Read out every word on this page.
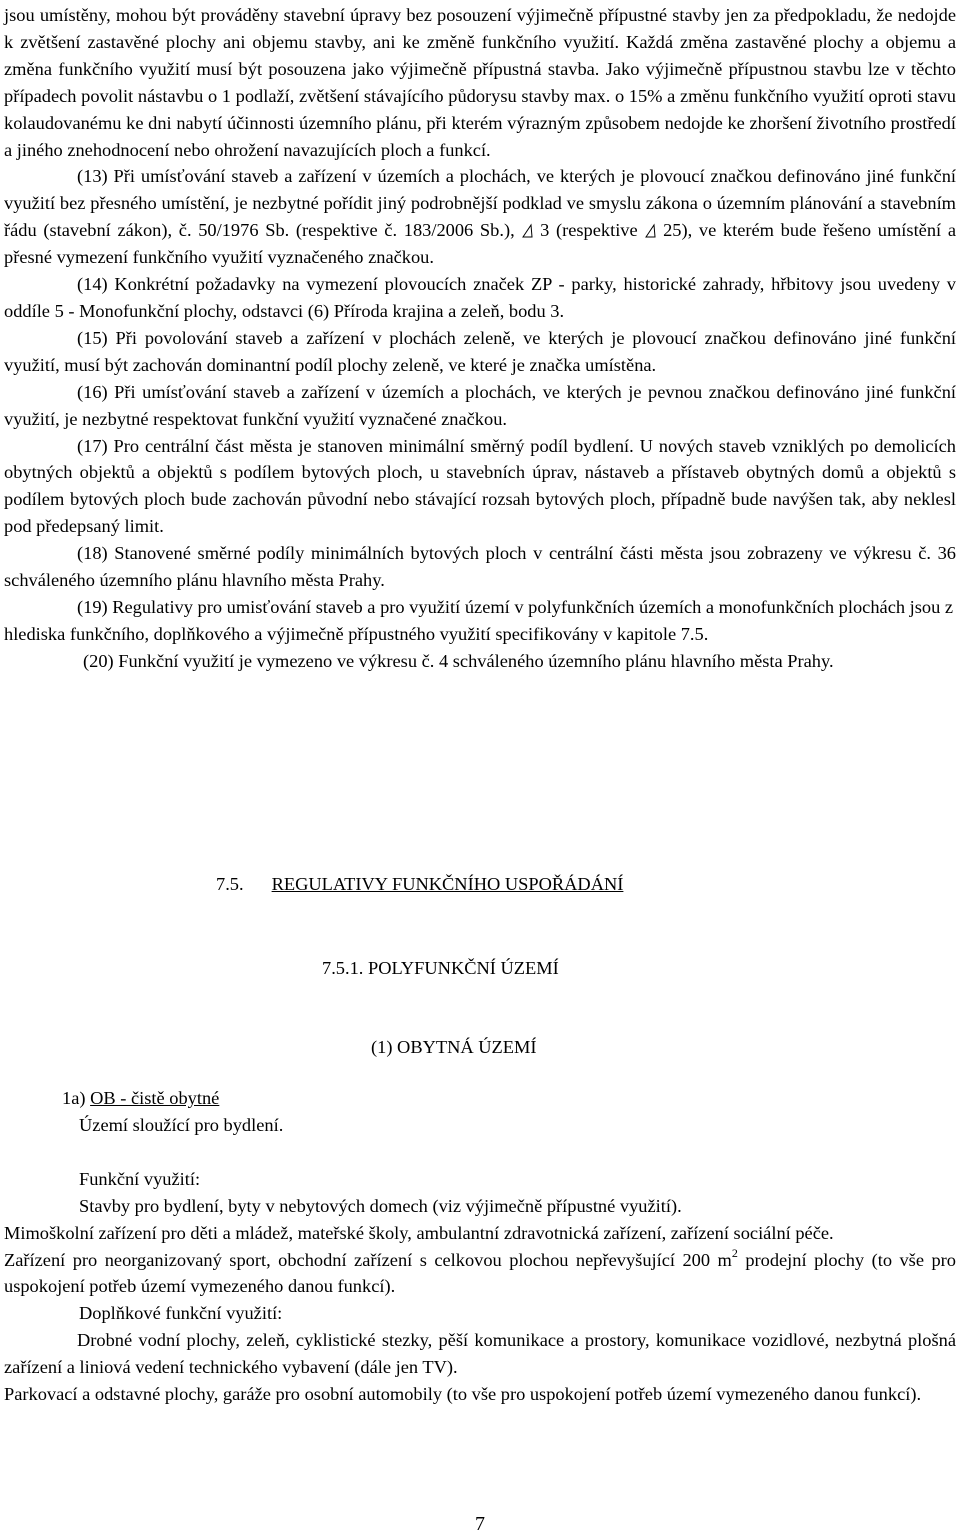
jsou umístěny, mohou být prováděny stavební úpravy bez posouzení výjimečně přípustné stavby jen za předpokladu, že nedojde k zvětšení zastavěné plochy ani objemu stavby, ani ke změně funkčního využití. Každá změna zastavěné plochy a objemu a změna funkčního využití musí být posouzena jako výjimečně přípustná stavba. Jako výjimečně přípustnou stavbu lze v těchto případech povolit nástavbu o 1 podlaží, zvětšení stávajícího půdorysu stavby max. o 15% a změnu funkčního využití oproti stavu kolaudovanému ke dni nabytí účinnosti územního plánu, při kterém výrazným způsobem nedojde ke zhoršení životního prostředí a jiného znehodnocení nebo ohrožení navazujících ploch a funkcí.

(13) Při umísťování staveb a zařízení v územích a plochách, ve kterých je plovoucí značkou definováno jiné funkční využití bez přesného umístění, je nezbytné pořídit jiný podrobnější podklad ve smyslu zákona o územním plánování a stavebním řádu (stavební zákon), č. 50/1976 Sb. (respektive č. 183/2006 Sb.), 3 (respektive 25), ve kterém bude řešeno umístění a přesné vymezení funkčního využití vyznačeného značkou.

(14) Konkrétní požadavky na vymezení plovoucích značek ZP - parky, historické zahrady, hřbitovy jsou uvedeny v oddíle 5 - Monofunkční plochy, odstavci (6) Příroda krajina a zeleň, bodu 3.

(15) Při povolování staveb a zařízení v plochách zeleně, ve kterých je plovoucí značkou definováno jiné funkční využití, musí být zachován dominantní podíl plochy zeleně, ve které je značka umístěna.

(16) Při umísťování staveb a zařízení v územích a plochách, ve kterých je pevnou značkou definováno jiné funkční využití, je nezbytné respektovat funkční využití vyznačené značkou.

(17) Pro centrální část města je stanoven minimální směrný podíl bydlení. U nových staveb vzniklých po demolicích obytných objektů a objektů s podílem bytových ploch, u stavebních úprav, nástaveb a přístaveb obytných domů a objektů s podílem bytových ploch bude zachován původní nebo stávající rozsah bytových ploch, případně bude navýšen tak, aby neklesl pod předepsaný limit.

(18) Stanovené směrné podíly minimálních bytových ploch v centrální části města jsou zobrazeny ve výkresu č. 36 schváleného územního plánu hlavního města Prahy.

(19) Regulativy pro umisťování staveb a pro využití území v polyfunkčních územích a monofunkčních plochách jsou z hlediska funkčního, doplňkového a výjimečně přípustného využití specifikovány v kapitole 7.5.

(20) Funkční využití je vymezeno ve výkresu č. 4 schváleného územního plánu hlavního města Prahy.

7.5. REGULATIVY FUNKČNÍHO USPOŘÁDÁNÍ
7.5.1. POLYFUNKČNÍ ÚZEMÍ
(1) OBYTNÁ ÚZEMÍ
1a) OB - čistě obytné
Území sloužící pro bydlení.
Funkční využití:
Stavby pro bydlení, byty v nebytových domech (viz výjimečně přípustné využití).
Mimoškolní zařízení pro děti a mládež, mateřské školy, ambulantní zdravotnická zařízení, zařízení sociální péče.
Zařízení pro neorganizovaný sport, obchodní zařízení s celkovou plochou nepřevyšující 200 $m^2$ prodejní plochy (to vše pro uspokojení potřeb území vymezeného danou funkcí).
Doplňkové funkční využití:
Drobné vodní plochy, zeleň, cyklistické stezky, pěší komunikace a prostory, komunikace vozidlové, nezbytná plošná zařízení a liniová vedení technického vybavení (dále jen TV).
Parkovací a odstavné plochy, garáže pro osobní automobily (to vše pro uspokojení potřeb území vymezeného danou funkcí).
7
